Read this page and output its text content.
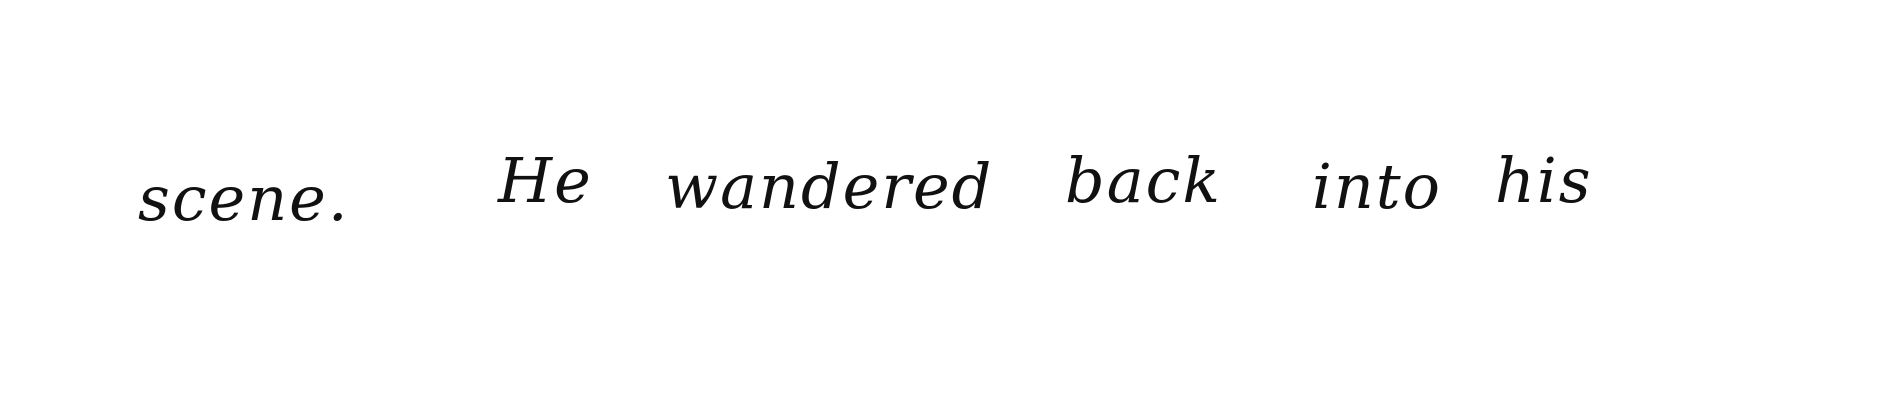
scene. He wandered back into his
